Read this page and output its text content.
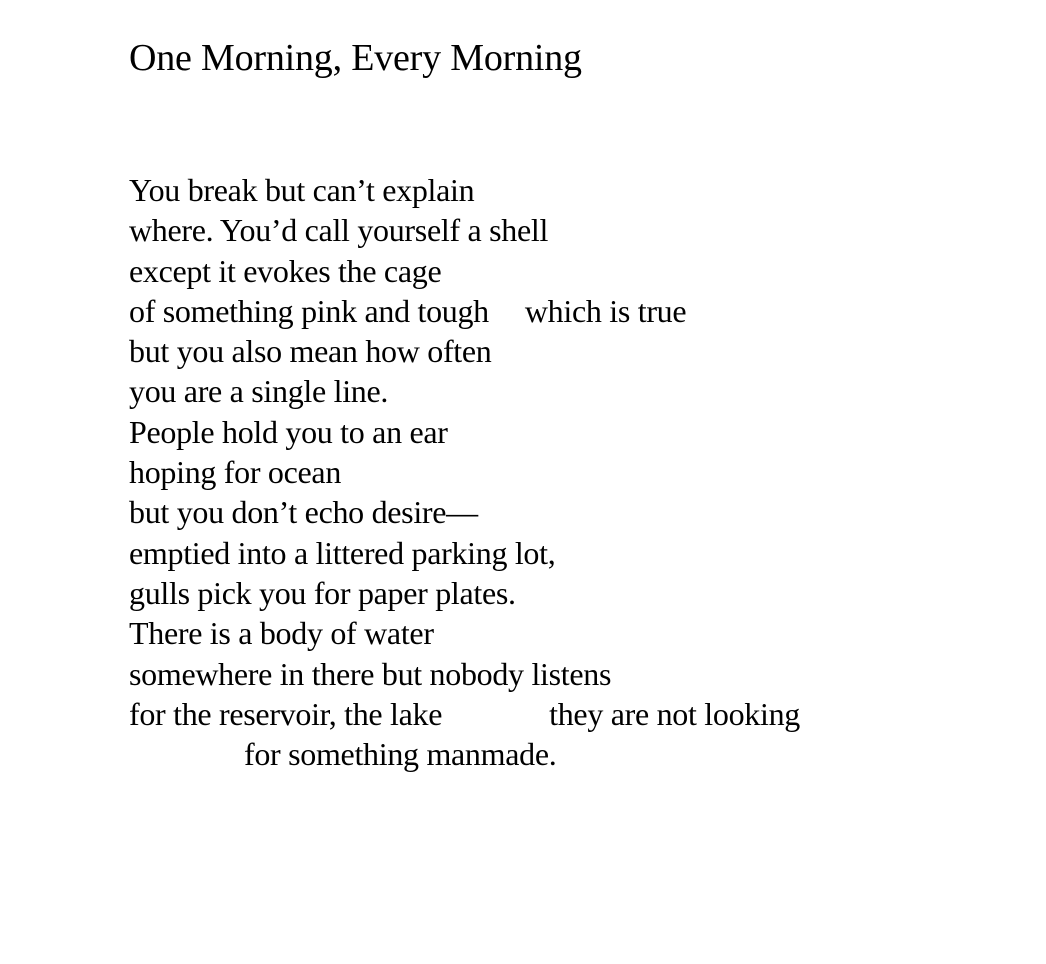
One Morning, Every Morning
You break but can’t explain
where. You’d call yourself a shell
except it evokes the cage
of something pink and tough which is true
but you also mean how often
you are a single line.
People hold you to an ear
hoping for ocean
but you don’t echo desire—
emptied into a littered parking lot,
gulls pick you for paper plates.
There is a body of water
somewhere in there but nobody listens
for the reservoir, the lake	they are not looking
for something manmade.
